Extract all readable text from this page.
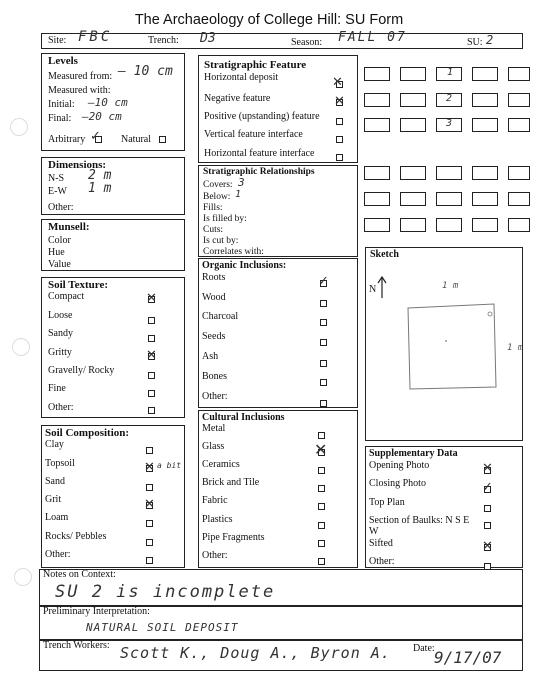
The Archaeology of College Hill: SU Form
Site: FBC	Trench: D3	Season: FALL 07	SU: 2
Levels
Measured from: – 10 cm
Measured with:
Initial: –10 cm
Final: –20 cm
Arbitrary ✓ Natural
Dimensions:
N-S 2 m
E-W 1 m
Other:
Munsell:
Color
Hue
Value
Soil Texture:
Compact	✕
Loose
Sandy
Gritty	✕
Gravelly/ Rocky
Fine
Other:
Soil Composition:
Clay
Topsoil	✕ a bit
Sand
Grit	✕
Loam
Rocks/ Pebbles
Other:
Stratigraphic Feature
Horizontal deposit	✕
Negative feature	✕
Positive (upstanding) feature
Vertical feature interface
Horizontal feature interface
Stratigraphic Relationships
Covers: 3
Below: 1
Fills:
Is filled by:
Cuts:
Is cut by:
Correlates with:
Organic Inclusions:
Roots	✓
Wood
Charcoal
Seeds
Ash
Bones
Other:
Cultural Inclusions
Metal
Glass	✕
Ceramics
Brick and Tile
Fabric
Plastics
Pipe Fragments
Other:
1
2
3
Sketch
N	1 m
1 m
Supplementary Data
Opening Photo	✕
Closing Photo	✓
Top Plan
Section of Baulks: N S E W
Sifted	✕
Other:
Notes on Context:
SU 2 is incomplete
Preliminary Interpretation:
NATURAL SOIL DEPOSIT
Trench Workers: Scott K., Doug A., Byron A. Date: 9/17/07
